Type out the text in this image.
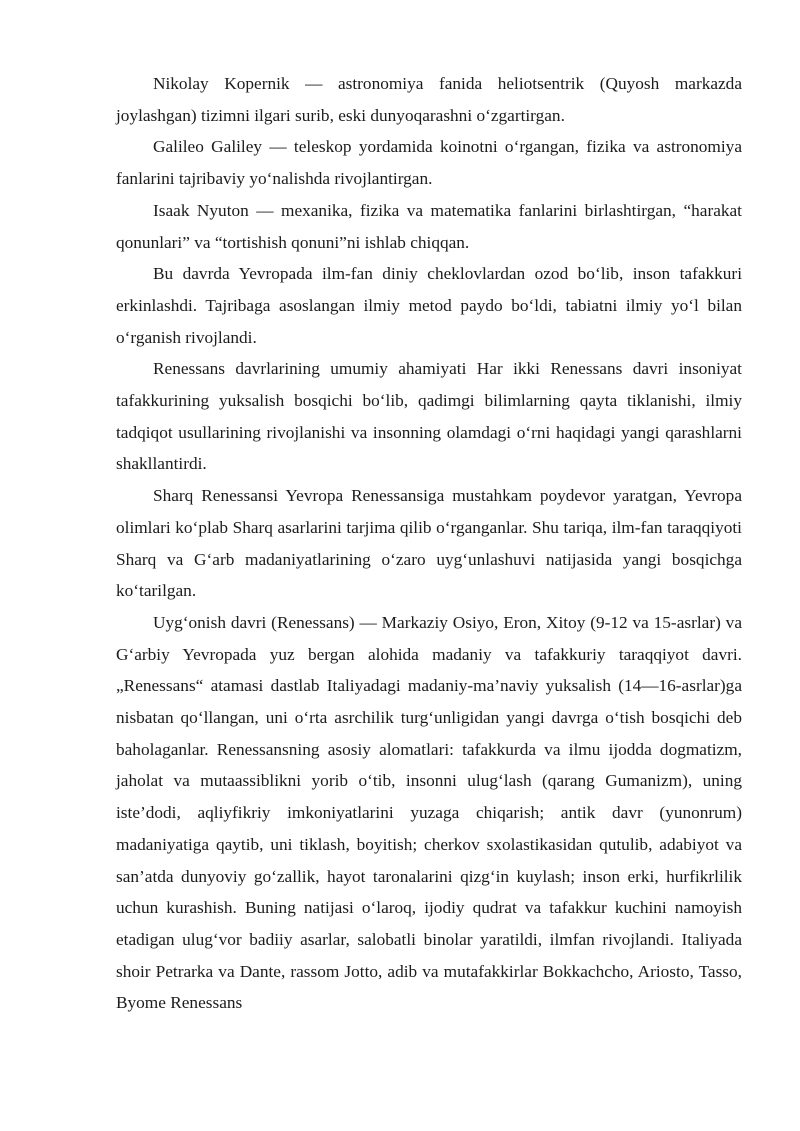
Nikolay Kopernik — astronomiya fanida heliotsentrik (Quyosh markazda joylashgan) tizimni ilgari surib, eski dunyoqarashni oʻzgartirgan.

Galileo Galiley — teleskop yordamida koinotni oʻrgangan, fizika va astronomiya fanlarini tajribaviy yoʻnalishda rivojlantirgan.

Isaak Nyuton — mexanika, fizika va matematika fanlarini birlashtirgan, “harakat qonunlari” va “tortishish qonuni”ni ishlab chiqqan.

Bu davrda Yevropada ilm-fan diniy cheklovlardan ozod boʻlib, inson tafakkuri erkinlashdi. Tajribaga asoslangan ilmiy metod paydo boʻldi, tabiatni ilmiy yoʻl bilan oʻrganish rivojlandi.

Renessans davrlarining umumiy ahamiyati Har ikki Renessans davri insoniyat tafakkurining yuksalish bosqichi boʻlib, qadimgi bilimlarning qayta tiklanishi, ilmiy tadqiqot usullarining rivojlanishi va insonning olamdagi oʻrni haqidagi yangi qarashlarni shakllantirdi.

Sharq Renessansi Yevropa Renessansiga mustahkam poydevor yaratgan, Yevropa olimlari koʻplab Sharq asarlarini tarjima qilib oʻrganganlar. Shu tariqa, ilm-fan taraqqiyoti Sharq va Gʻarb madaniyatlarining oʻzaro uygʻunlashuvi natijasida yangi bosqichga koʻtarilgan.

Uygʻonish davri (Renessans) — Markaziy Osiyo, Eron, Xitoy (9-12 va 15-asrlar) va Gʻarbiy Yevropada yuz bergan alohida madaniy va tafakkuriy taraqqiyot davri. „Renessans“ atamasi dastlab Italiyadagi madaniy-ma’naviy yuksalish (14—16-asrlar)ga nisbatan qoʻllangan, uni oʻrta asrchilik turgʻunligidan yangi davrga oʻtish bosqichi deb baholaganlar. Renessansning asosiy alomatlari: tafakkurda va ilmu ijodda dogmatizm, jaholat va mutaassiblikni yorib oʻtib, insonni ulugʻlash (qarang Gumanizm), uning iste’dodi, aqliyfikriy imkoniyatlarini yuzaga chiqarish; antik davr (yunonrum) madaniyatiga qaytib, uni tiklash, boyitish; cherkov sxolastikasidan qutulib, adabiyot va san’atda dunyoviy goʻzallik, hayot taronalarini qizgʻin kuylash; inson erki, hurfikrlilik uchun kurashish. Buning natijasi oʻlaroq, ijodiy qudrat va tafakkur kuchini namoyish etadigan ulugʻvor badiiy asarlar, salobatli binolar yaratildi, ilmfan rivojlandi. Italiyada shoir Petrarka va Dante, rassom Jotto, adib va mutafakkirlar Bokkachcho, Ariosto, Tasso, Byome Renessans
